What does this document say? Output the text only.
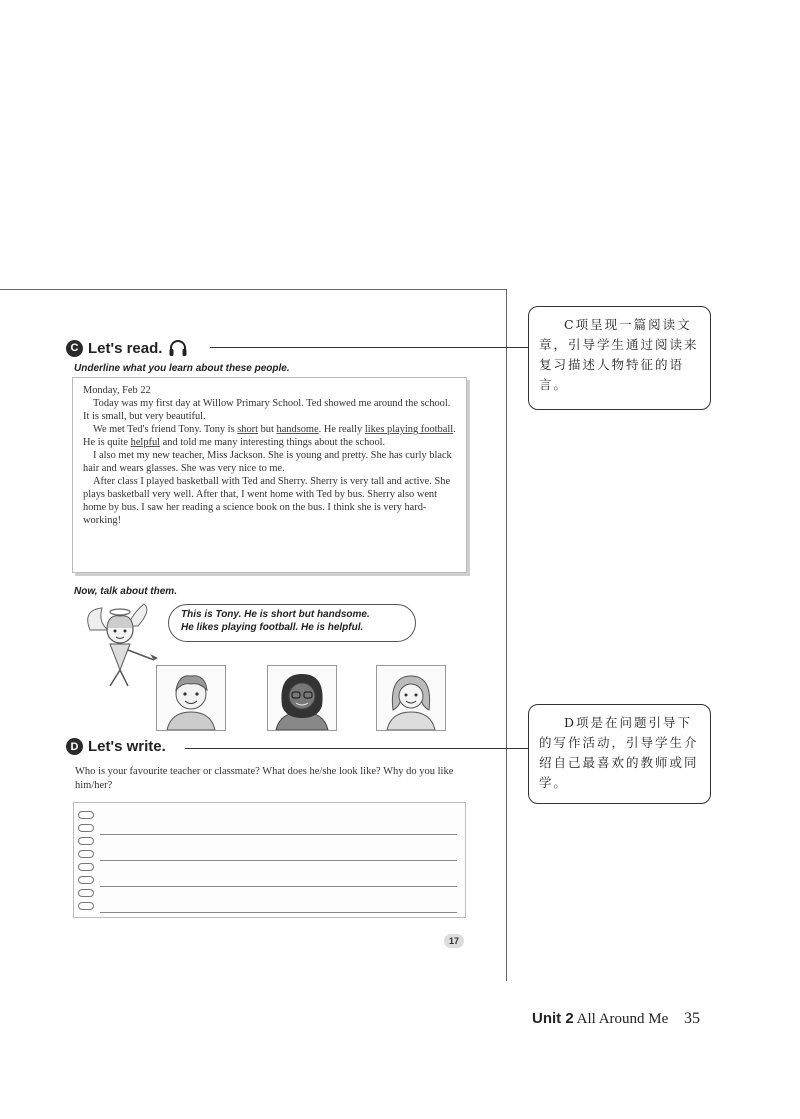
C Let's read.
Underline what you learn about these people.

Monday, Feb 22

Today was my first day at Willow Primary School. Ted showed me around the school. It is small, but very beautiful.

We met Ted's friend Tony. Tony is short but handsome. He really likes playing football. He is quite helpful and told me many interesting things about the school.

I also met my new teacher, Miss Jackson. She is young and pretty. She has curly black hair and wears glasses. She was very nice to me.

After class I played basketball with Ted and Sherry. Sherry is very tall and active. She plays basketball very well. After that, I went home with Ted by bus. Sherry also went home by bus. I saw her reading a science book on the bus. I think she is very hard-working!

Now, talk about them.
This is Tony. He is short but handsome.
He likes playing football. He is helpful.
D Let's write.
Who is your favourite teacher or classmate? What does he/she look like? Why do you like him/her?
17
C项呈现一篇阅读文章，引导学生通过阅读来复习描述人物特征的语言。
D项是在问题引导下的写作活动，引导学生介绍自己最喜欢的教师或同学。
Unit 2 All Around Me 35
